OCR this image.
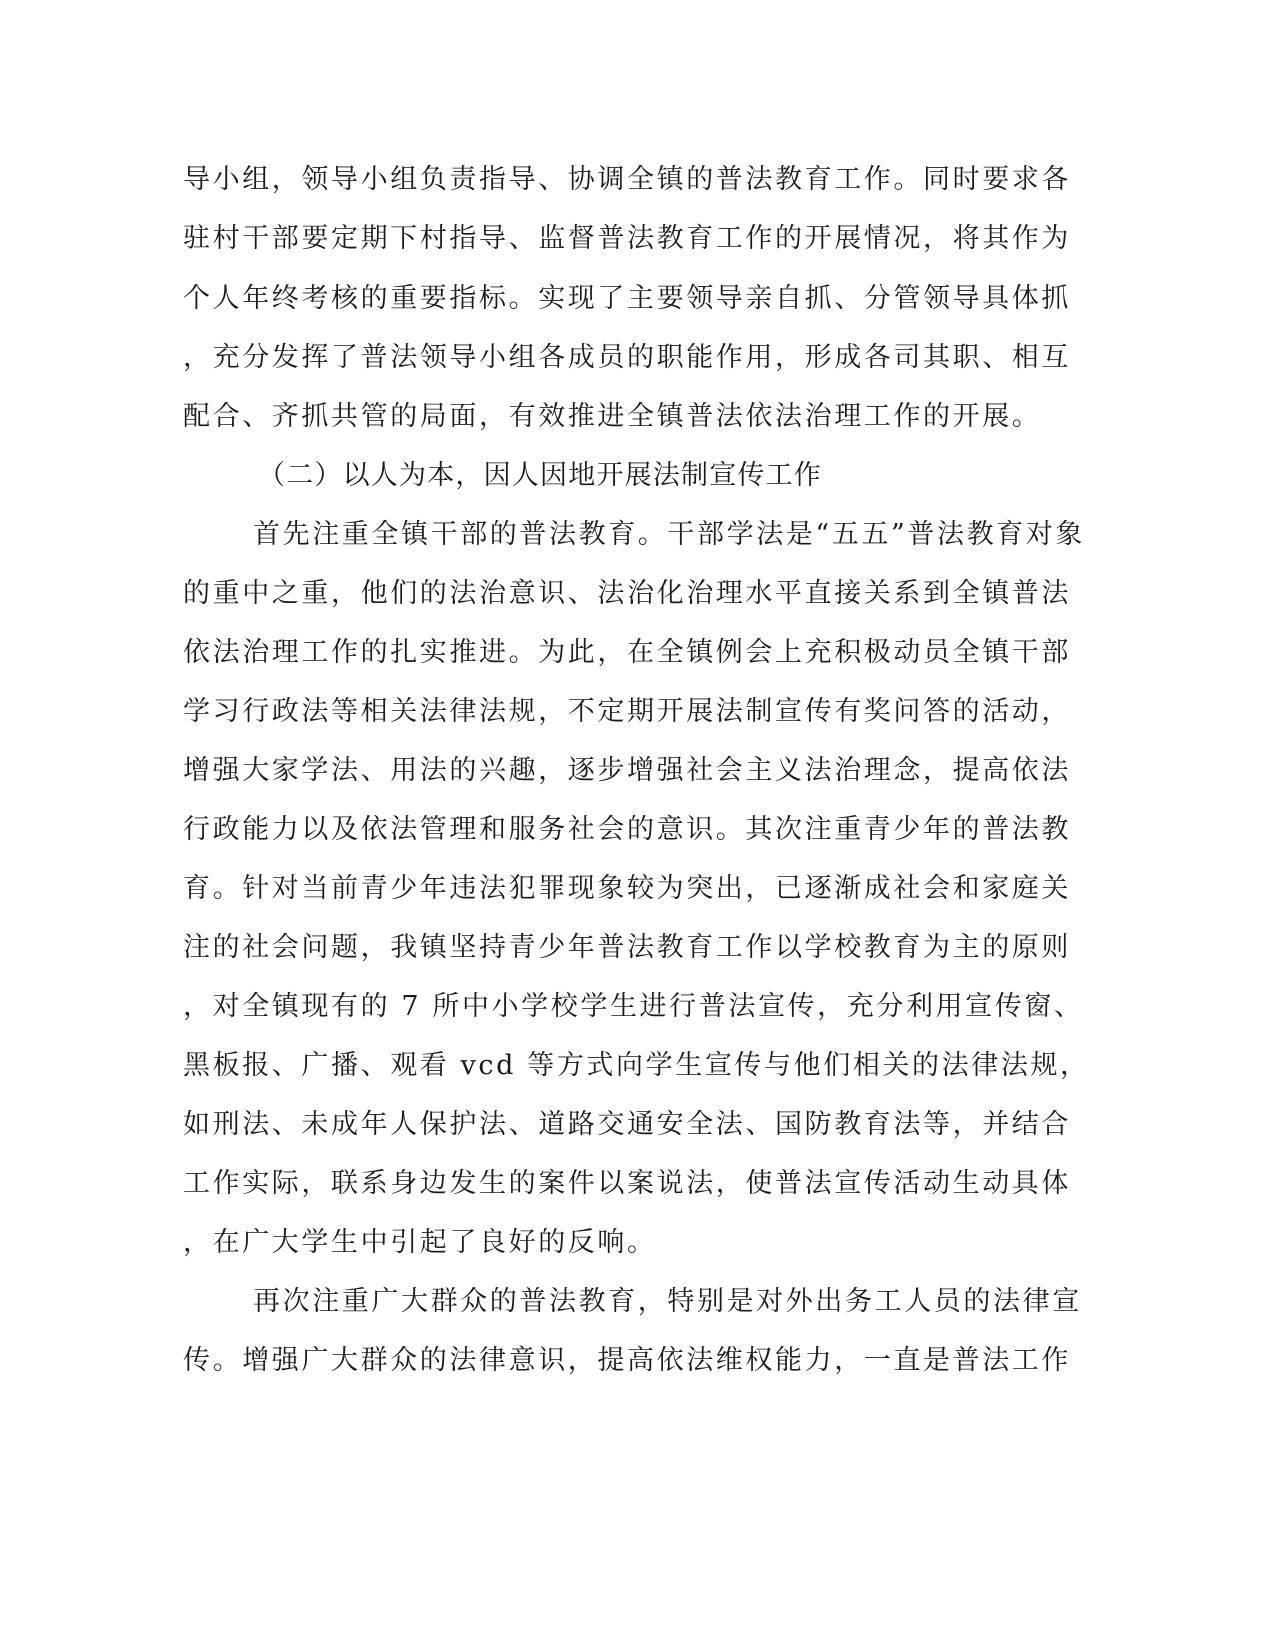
导小组，领导小组负责指导、协调全镇的普法教育工作。同时要求各
驻村干部要定期下村指导、监督普法教育工作的开展情况，将其作为
个人年终考核的重要指标。实现了主要领导亲自抓、分管领导具体抓
，充分发挥了普法领导小组各成员的职能作用，形成各司其职、相互
配合、齐抓共管的局面，有效推进全镇普法依法治理工作的开展。
（二）以人为本，因人因地开展法制宣传工作
首先注重全镇干部的普法教育。干部学法是“五五”普法教育对象
的重中之重，他们的法治意识、法治化治理水平直接关系到全镇普法
依法治理工作的扎实推进。为此，在全镇例会上充积极动员全镇干部
学习行政法等相关法律法规，不定期开展法制宣传有奖问答的活动，
增强大家学法、用法的兴趣，逐步增强社会主义法治理念，提高依法
行政能力以及依法管理和服务社会的意识。其次注重青少年的普法教
育。针对当前青少年违法犯罪现象较为突出，已逐渐成社会和家庭关
注的社会问题，我镇坚持青少年普法教育工作以学校教育为主的原则
，对全镇现有的 7 所中小学校学生进行普法宣传，充分利用宣传窗、
黑板报、广播、观看 vcd 等方式向学生宣传与他们相关的法律法规，
如刑法、未成年人保护法、道路交通安全法、国防教育法等，并结合
工作实际，联系身边发生的案件以案说法，使普法宣传活动生动具体
，在广大学生中引起了良好的反响。
再次注重广大群众的普法教育，特别是对外出务工人员的法律宣
传。增强广大群众的法律意识，提高依法维权能力，一直是普法工作
